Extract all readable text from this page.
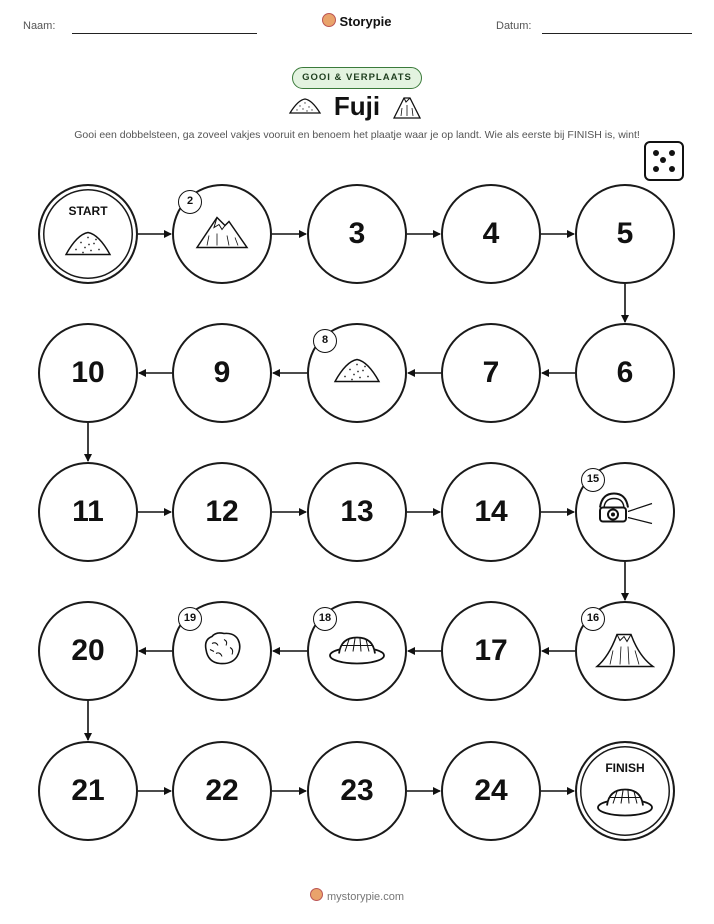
Naam:	Storypie	Datum:
GOOI & VERPLAATS
Fuji
Gooi een dobbelsteen, ga zoveel vakjes vooruit en benoem het plaatje waar je op landt. Wie als eerste bij FINISH is, wint!
START
2
3	4	5
6
7
8
9
10
11	12	13	14
15
16
17
18
19
20
21	22	23	24
FINISH
mystorypie.com
